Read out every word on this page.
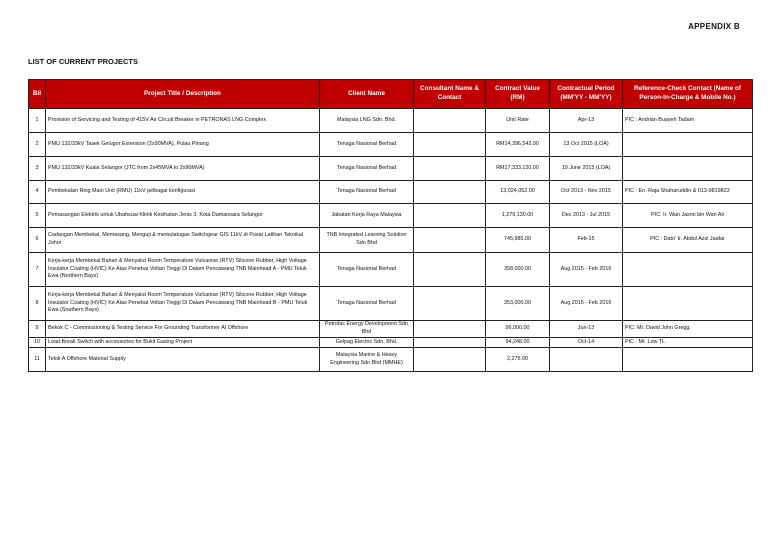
APPENDIX B
LIST OF CURRENT PROJECTS
Bil	Project Title / Description	Client Name	Consultant Name & Contact	Contract Value (RM)	Contractual Period (MM'YY - MM'YY)	Reference-Check Contact (Name of Person-In-Charge & Mobile No.)
1	Provision of Servicing and Testing of 415V Air Circuit Breaker in PETRONAS LNG Complex	Malaysia LNG Sdn. Bhd.		Unit Rate	Apr-13	PIC : Andrian Buayeh Tadam
2	PMU 132/33kV Tasek Gelugor Extension (2x90MVA), Pulau Pinang	Tenaga Nasional Berhad		RM14,396,542.00	13 Oct 2015 (LOA)	
3	PMU 132/33kV Kuala Selangor (JTC from 2x45MVA to 2x90MVA)	Tenaga Nasional Berhad		RM17,333,120.00	19 June 2015 (LOA)	
4	Pembekalan Ring Main Unit (RMU) 11kV pelbagai konfigurasi	Tenaga Nasional Berhad		13,024,052.00	Oct 2013 - Nov 2015	PIC : En. Raja Shaharuddin & 013-9819823
5	Pemasangan Elektrik untuk Ubahsuai Klinik Kesihatan Jenis 3, Kota Damansara Selangor	Jabatan Kerja Raya Malaysia		1,279,130.00	Dec 2013 - Jul 2015	PIC: Ir. Wan Jasmi bin Wan Ali
6	Cadangan Membekal, Memasang, Menguji & memulatugas Switchgear GIS 11kV di Pusat Latihan Teknikal Johor	TNB Integrated Learning Solution Sdn Bhd		745,985.00	Feb-15	PIC : Dato' Ir. Abdul Aziz Jaafar
7	Kerja-kerja Membekal Bahan & Menyalut Room Temperature Vulcanise (RTV) Silicone Rubber, High Voltage Insulator Coating (HVIC) Ke Atas Penebat Voltan Tinggi Di Dalam Pencawang TNB Mainhead A - PMU Teluk Ewa (Northern Bays)	Tenaga Nasional Berhad		358,000.00	Aug 2015 - Feb 2016	
8	Kerja-kerja Membekal Bahan & Menyalut Room Temperature Vulcanise (RTV) Silicone Rubber, High Voltage Insulator Coating (HVIC) Ke Atas Penebat Voltan Tinggi Di Dalam Pencawang TNB Mainhead B - PMU Teluk Ewa (Southern Bays)	Tenaga Nasional Berhad		353,000.00	Aug 2015 - Feb 2016	
9	Bekok C - Commissioning & Testing Service For Grounding Transformer At Offshore	Petrofac Energy Development Sdn Bhd		96,000.00	Jun-13	PIC: Mr. David John Gregg.
10	Load Break Switch with accessories for Bukit Gasing Project	Gelpag Electric Sdn. Bhd.		94,248.00	Oct-14	PIC : Mr. Low TL
11	Telok A Offshore Material Supply	Malaysia Marine & Heavy Engineering Sdn Bhd (MMHE)		2,275.00		
